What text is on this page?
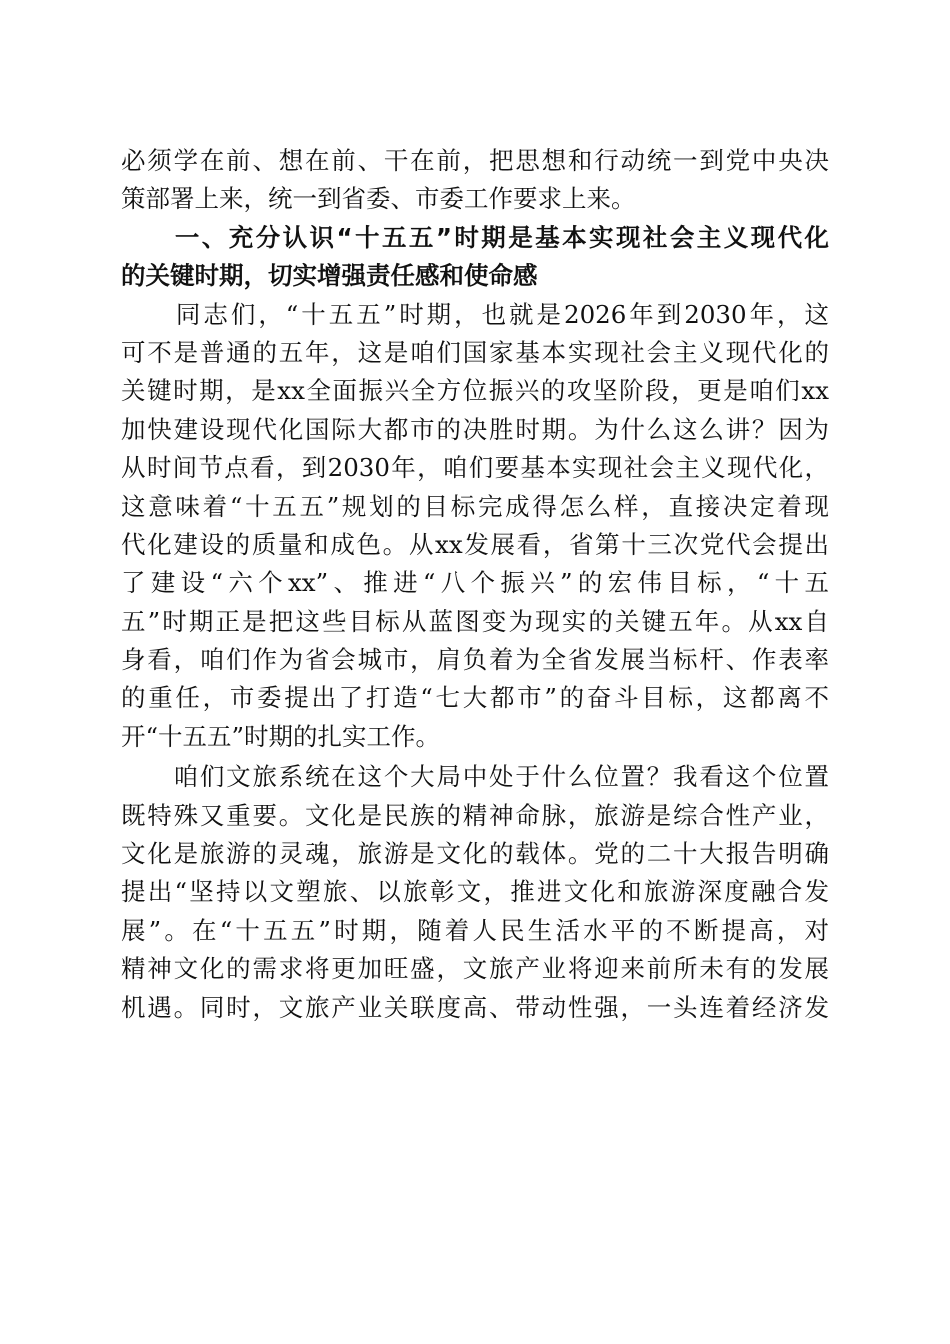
必须学在前、想在前、干在前，把思想和行动统一到党中央决
策部署上来，统一到省委、市委工作要求上来。
　　一、充分认识“十五五”时期是基本实现社会主义现代化
的关键时期，切实增强责任感和使命感
　　同志们，“十五五”时期，也就是2026年到2030年，这
可不是普通的五年，这是咱们国家基本实现社会主义现代化的
关键时期，是xx全面振兴全方位振兴的攻坚阶段，更是咱们xx
加快建设现代化国际大都市的决胜时期。为什么这么讲？因为
从时间节点看，到2030年，咱们要基本实现社会主义现代化，
这意味着“十五五”规划的目标完成得怎么样，直接决定着现
代化建设的质量和成色。从xx发展看，省第十三次党代会提出
了建设“六个xx”、推进“八个振兴”的宏伟目标，“十五
五”时期正是把这些目标从蓝图变为现实的关键五年。从xx自
身看，咱们作为省会城市，肩负着为全省发展当标杆、作表率
的重任，市委提出了打造“七大都市”的奋斗目标，这都离不
开“十五五”时期的扎实工作。
　　咱们文旅系统在这个大局中处于什么位置？我看这个位置
既特殊又重要。文化是民族的精神命脉，旅游是综合性产业，
文化是旅游的灵魂，旅游是文化的载体。党的二十大报告明确
提出“坚持以文塑旅、以旅彰文，推进文化和旅游深度融合发
展”。在“十五五”时期，随着人民生活水平的不断提高，对
精神文化的需求将更加旺盛，文旅产业将迎来前所未有的发展
机遇。同时，文旅产业关联度高、带动性强，一头连着经济发
